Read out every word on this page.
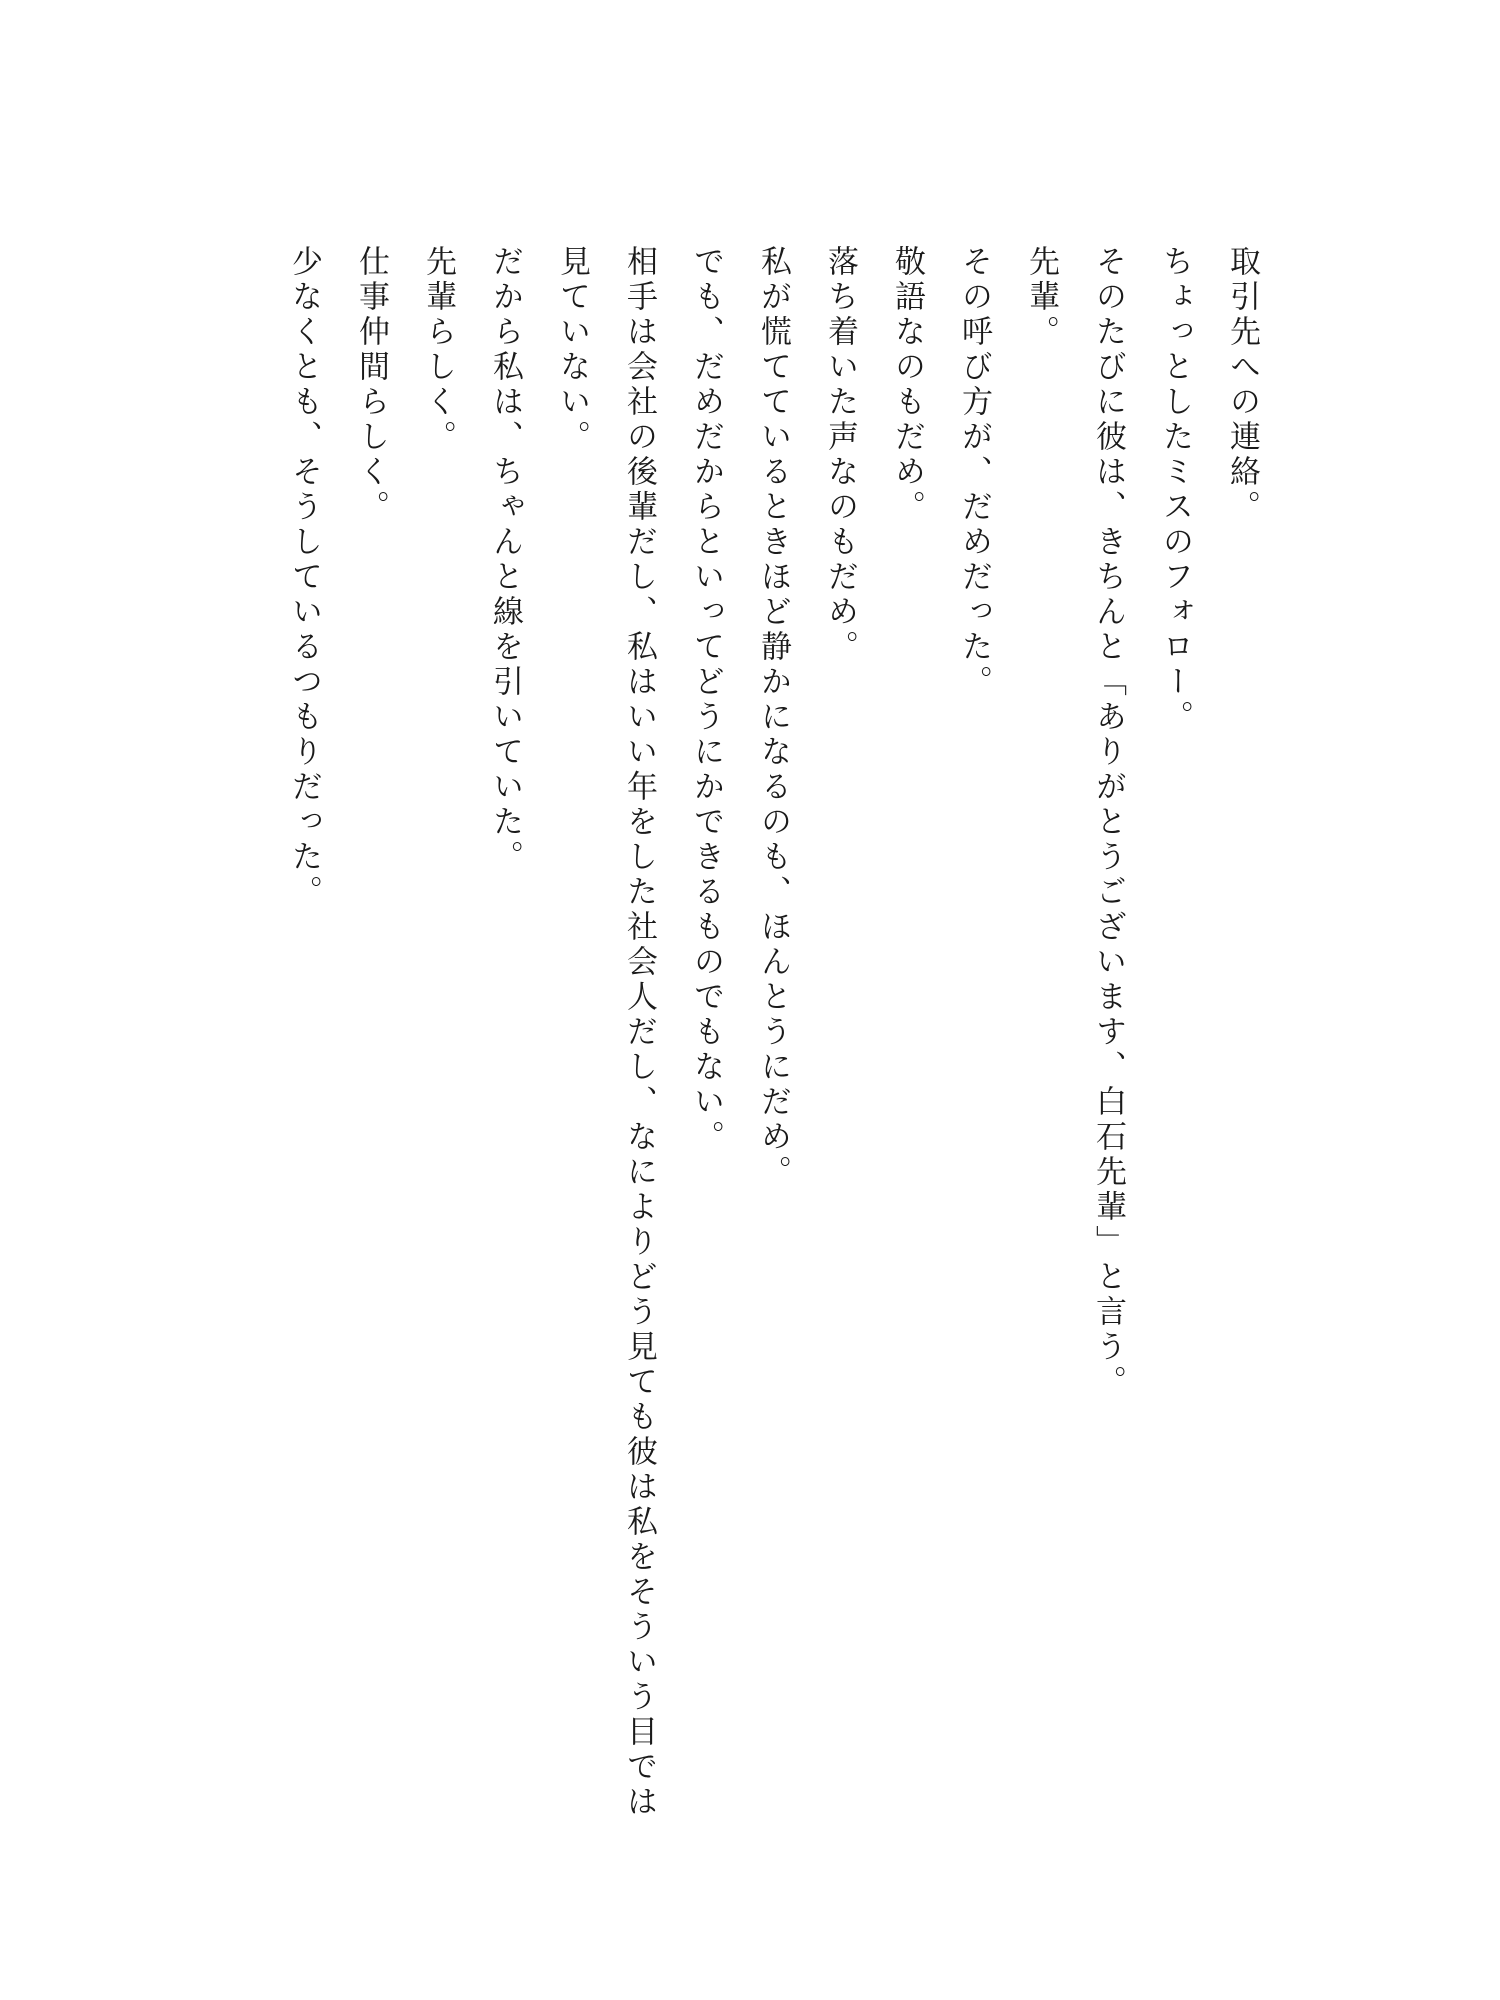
取引先への連絡。

ちょっとしたミスのフォロー。

そのたびに彼は、きちんと「ありがとうございます、白石先輩」と言う。

先輩。

その呼び方が、だめだった。

敬語なのもだめ。

落ち着いた声なのもだめ。

私が慌てているときほど静かになるのも、ほんとうにだめ。

でも、だめだからといってどうにかできるものでもない。

相手は会社の後輩だし、私はいい年をした社会人だし、なによりどう見ても彼は私をそういう目では見ていない。

だから私は、ちゃんと線を引いていた。

先輩らしく。

仕事仲間らしく。

少なくとも、そうしているつもりだった。
